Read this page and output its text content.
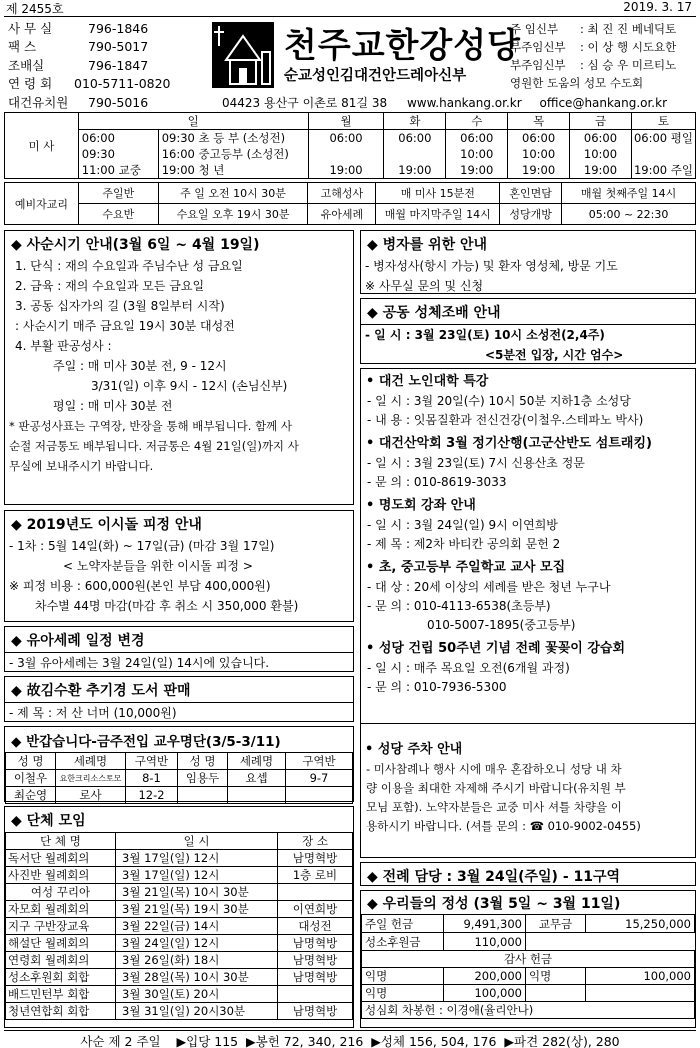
제 2455호	2019. 3. 17
사 무 실	796-1846
팩 스	790-5017
조배실	796-1847
연 령 회	010-5711-0820
대건유치원	790-5016
천주교한강성당
순교성인김대건안드레아신부
주 임신부 : 최 진 진 베네딕토
부주임신부 : 이 상 행 시도요한
부주임신부 : 심 승 우 미르티노
영원한 도움의 성모 수도회
04423 용산구 이촌로 81길 38 www.hankang.or.kr office@hankang.or.kr
미 사	일		월	화	수	목	금	토
	06:00	09:30 초 등 부 (소성전)	06:00	06:00	06:00	06:00	06:00	06:00 평일
	09:30	16:00 중고등부 (소성전)			10:00	10:00	10:00	
	11:00 교중	19:00 청 년	19:00	19:00	19:00	19:00	19:00	19:00 주일
예비자교리	주일반	주 일 오전 10시 30분	고해성사	매 미사 15분전	혼인면담	매월 첫째주일 14시
	수요반	수요일 오후 19시 30분	유아세례	매월 마지막주일 14시	성당개방	05:00 ~ 22:30
◆ 사순시기 안내(3월 6일 ~ 4월 19일)
1. 단식 : 재의 수요일과 주님수난 성 금요일
2. 금육 : 재의 수요일과 모든 금요일
3. 공동 십자가의 길 (3월 8일부터 시작)
: 사순시기 매주 금요일 19시 30분 대성전
4. 부활 판공성사 :
주일 : 매 미사 30분 전, 9 - 12시
3/31(일) 이후 9시 - 12시 (손님신부)
평일 : 매 미사 30분 전
* 판공성사표는 구역장, 반장을 통해 배부됩니다. 함께 사
순절 저금통도 배부됩니다. 저금통은 4월 21일(일)까지 사
무실에 보내주시기 바랍니다.
◆ 2019년도 이시돌 피정 안내
- 1차 : 5월 14일(화) ~ 17일(금) (마감 3월 17일)
< 노약자분들을 위한 이시돌 피정 >
※ 피정 비용 : 600,000원(본인 부담 400,000원)
차수별 44명 마감(마감 후 취소 시 350,000 환불)
◆ 유아세례 일정 변경
- 3월 유아세례는 3월 24일(일) 14시에 있습니다.
◆ 故김수환 추기경 도서 판매
- 제 목 : 저 산 너머 (10,000원)
◆ 반갑습니다-금주전입 교우명단(3/5-3/11)
성 명	세례명	구역반	성 명	세례명	구역반
이철우	요한크리소스토모	8-1	임용두	요셉	9-7
최순영	로사	12-2			
◆ 단체 모임
단 체 명	일 시	장 소
독서단 월례회의	3월 17일(일) 12시	남명혁방
사진반 월례회의	3월 17일(일) 12시	1층 로비
여성 꾸리아	3월 21일(목) 10시 30분	
자모회 월례회의	3월 21일(목) 19시 30분	이연희방
지구 구반장교육	3월 22일(금) 14시	대성전
해설단 월례회의	3월 24일(일) 12시	남명혁방
연령회 월례회의	3월 26일(화) 18시	남명혁방
성소후원회 회합	3월 28일(목) 10시 30분	남명혁방
배드민턴부 회합	3월 30일(토) 20시	
청년연합회 회합	3월 31일(일) 20시30분	남명혁방
◆ 병자를 위한 안내
- 병자성사(항시 가능) 및 환자 영성체, 방문 기도
※ 사무실 문의 및 신청
◆ 공동 성체조배 안내
- 일 시 : 3월 23일(토) 10시 소성전(2,4주)
<5분전 입장, 시간 엄수>
• 대건 노인대학 특강
- 일 시 : 3월 20일(수) 10시 50분 지하1층 소성당
- 내 용 : 잇몸질환과 전신건강(이철우.스테파노 박사)
• 대건산악회 3월 정기산행(고군산반도 섬트래킹)
- 일 시 : 3월 23일(토) 7시 신용산초 정문
- 문 의 : 010-8619-3033
• 명도회 강좌 안내
- 일 시 : 3월 24일(일) 9시 이연희방
- 제 목 : 제2차 바티칸 공의회 문헌 2
• 초, 중고등부 주일학교 교사 모집
- 대 상 : 20세 이상의 세례를 받은 청년 누구나
- 문 의 : 010-4113-6538(초등부)
010-5007-1895(중고등부)
• 성당 건립 50주년 기념 전례 꽃꽂이 강습회
- 일 시 : 매주 목요일 오전(6개월 과정)
- 문 의 : 010-7936-5300
• 성당 주차 안내
- 미사참례나 행사 시에 매우 혼잡하오니 성당 내 차
량 이용을 최대한 자제해 주시기 바랍니다(유치원 부
모님 포함). 노약자분들은 교중 미사 셔틀 차량을 이
용하시기 바랍니다. (셔틀 문의 : ☎ 010-9002-0455)
◆ 전례 담당 : 3월 24일(주일) - 11구역
◆ 우리들의 정성 (3월 5일 ~ 3월 11일)
주일 헌금	9,491,300	교무금	15,250,000
성소후원금	110,000		
감사 헌금			
익명	200,000	익명	100,000
익명	100,000		
성심회 차봉헌 : 이경애(율리안나)			
사순 제 2 주일    ▶입당 115  ▶봉헌 72, 340, 216  ▶성체 156, 504, 176  ▶파견 282(상), 280
